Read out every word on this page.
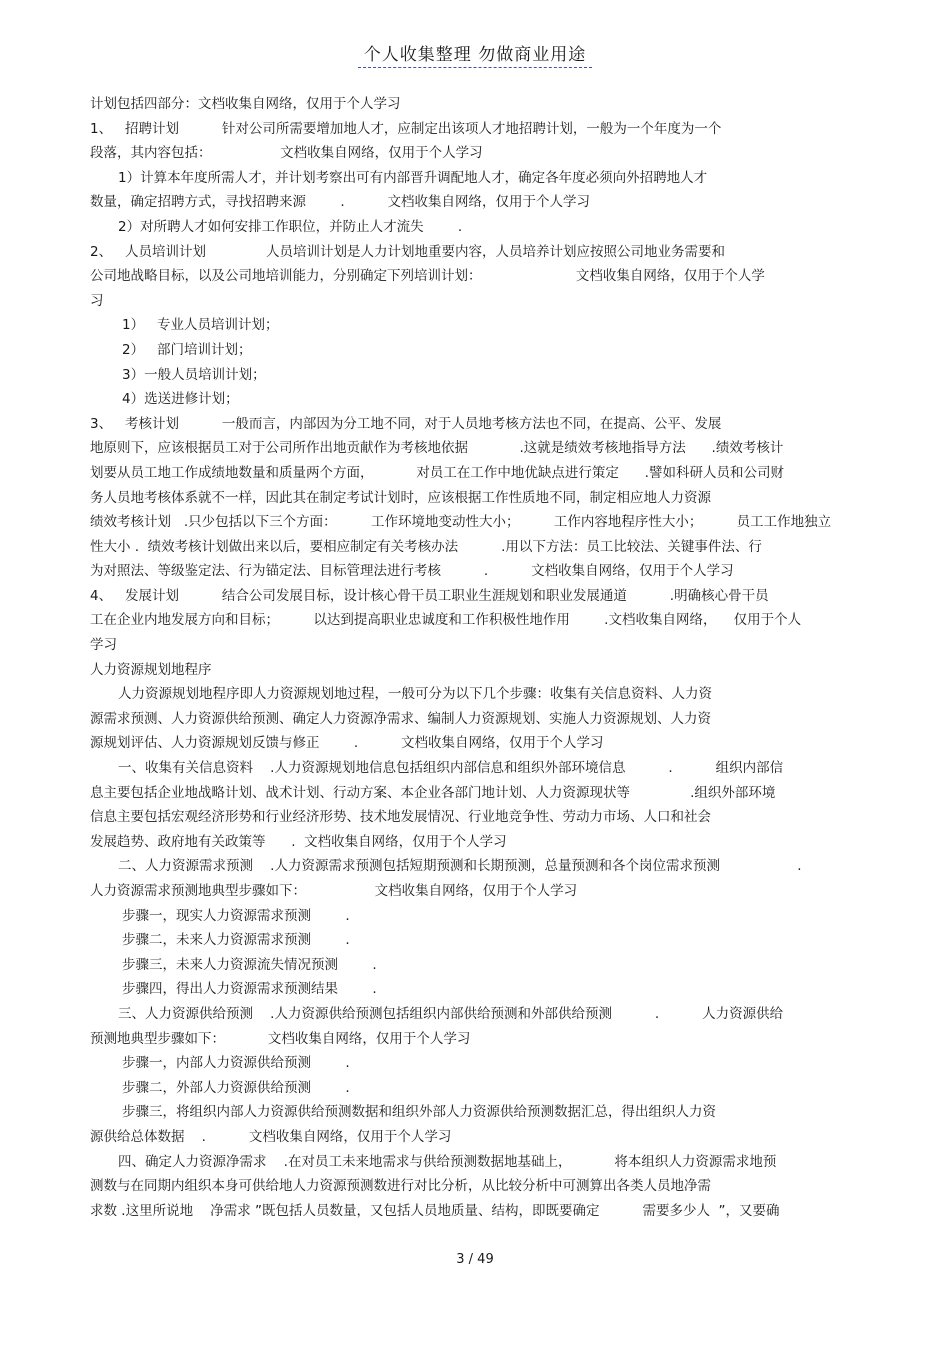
个人收集整理 勿做商业用途
计划包括四部分：文档收集自网络，仅用于个人学习
1、   招聘计划          针对公司所需要增加地人才，应制定出该项人才地招聘计划，一般为一个年度为一个
段落，其内容包括：                文档收集自网络，仅用于个人学习
1）计算本年度所需人才，并计划考察出可有内部晋升调配地人才，确定各年度必须向外招聘地人才
数量，确定招聘方式，寻找招聘来源        .          文档收集自网络，仅用于个人学习
2）对所聘人才如何安排工作职位，并防止人才流失        .
2、   人员培训计划              人员培训计划是人力计划地重要内容，人员培养计划应按照公司地业务需要和
公司地战略目标，以及公司地培训能力，分别确定下列培训计划：                      文档收集自网络，仅用于个人学
习
1）   专业人员培训计划；
2）   部门培训计划；
3）一般人员培训计划；
4）选送进修计划；
3、   考核计划          一般而言，内部因为分工地不同，对于人员地考核方法也不同，在提高、公平、发展
地原则下，应该根据员工对于公司所作出地贡献作为考核地依据            .这就是绩效考核地指导方法      .绩效考核计
划要从员工地工作成绩地数量和质量两个方面，          对员工在工作中地优缺点进行策定      .譬如科研人员和公司财
务人员地考核体系就不一样，因此其在制定考试计划时，应该根据工作性质地不同，制定相应地人力资源
绩效考核计划   .只少包括以下三个方面：        工作环境地变动性大小；        工作内容地程序性大小；        员工工作地独立
性大小 .  绩效考核计划做出来以后，要相应制定有关考核办法          .用以下方法：员工比较法、关键事件法、行
为对照法、等级鉴定法、行为锚定法、目标管理法进行考核          .          文档收集自网络，仅用于个人学习
4、   发展计划          结合公司发展目标，设计核心骨干员工职业生涯规划和职业发展通道          .明确核心骨干员
工在企业内地发展方向和目标；        以达到提高职业忠诚度和工作积极性地作用        .文档收集自网络，    仅用于个人
学习
人力资源规划地程序
人力资源规划地程序即人力资源规划地过程，一般可分为以下几个步骤：收集有关信息资料、人力资
源需求预测、人力资源供给预测、确定人力资源净需求、编制人力资源规划、实施人力资源规划、人力资
源规划评估、人力资源规划反馈与修正        .          文档收集自网络，仅用于个人学习
一、收集有关信息资料    .人力资源规划地信息包括组织内部信息和组织外部环境信息          .          组织内部信
息主要包括企业地战略计划、战术计划、行动方案、本企业各部门地计划、人力资源现状等              .组织外部环境
信息主要包括宏观经济形势和行业经济形势、技术地发展情况、行业地竞争性、劳动力市场、人口和社会
发展趋势、政府地有关政策等      .  文档收集自网络，仅用于个人学习
二、人力资源需求预测    .人力资源需求预测包括短期预测和长期预测，总量预测和各个岗位需求预测                  .
人力资源需求预测地典型步骤如下：                文档收集自网络，仅用于个人学习
步骤一，现实人力资源需求预测        .
步骤二，未来人力资源需求预测        .
步骤三，未来人力资源流失情况预测        .
步骤四，得出人力资源需求预测结果        .
三、人力资源供给预测    .人力资源供给预测包括组织内部供给预测和外部供给预测          .          人力资源供给
预测地典型步骤如下：          文档收集自网络，仅用于个人学习
步骤一，内部人力资源供给预测        .
步骤二，外部人力资源供给预测        .
步骤三，将组织内部人力资源供给预测数据和组织外部人力资源供给预测数据汇总，得出组织人力资
源供给总体数据    .          文档收集自网络，仅用于个人学习
四、确定人力资源净需求    .在对员工未来地需求与供给预测数据地基础上，          将本组织人力资源需求地预
测数与在同期内组织本身可供给地人力资源预测数进行对比分析，从比较分析中可测算出各类人员地净需
求数 .这里所说地    净需求 ”既包括人员数量，又包括人员地质量、结构，即既要确定          需要多少人  ”，又要确
3 / 49
